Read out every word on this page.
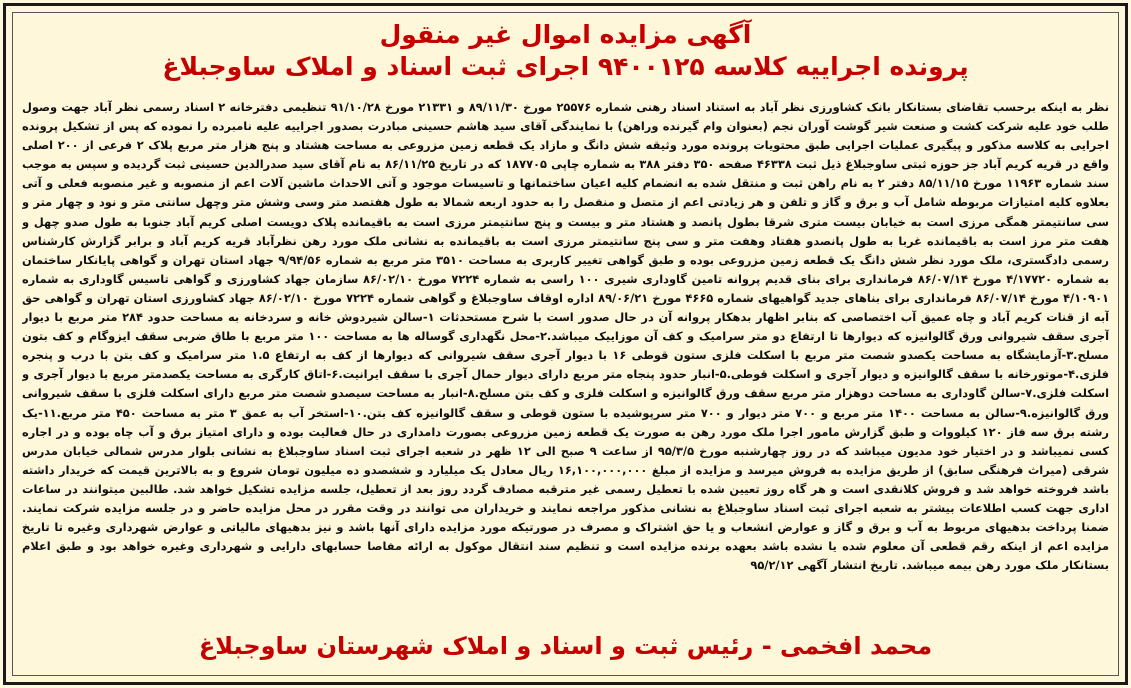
آگهی مزایده اموال غیر منقول
پرونده اجراییه کلاسه ۹۴۰۰۱۲۵ اجرای ثبت اسناد و املاک ساوجبلاغ

نظر به اینکه برحسب تقاضای بستانکار بانک کشاورزی نظر آباد به استناد اسناد رهنی شماره ۲۵۵۷۶ مورخ ۸۹/۱۱/۳۰ و ۲۱۳۳۱ مورخ ۹۱/۱۰/۲۸ تنظیمی دفترخانه ۲ اسناد رسمی نظر آباد جهت وصول طلب خود علیه شرکت کشت و صنعت شیر گوشت آوران نجم (بعنوان وام گیرنده وراهن) با نمایندگی آقای سید هاشم حسینی مبادرت بصدور اجراییه علیه نامبرده را نموده که پس از تشکیل پرونده اجرایی به کلاسه مذکور و پیگیری عملیات اجرایی طبق محتویات پرونده مورد وثیقه شش دانگ و مازاد یک قطعه زمین مزروعی به مساحت هشتاد و پنج هزار متر مربع پلاک ۲ فرعی از ۲۰۰ اصلی واقع در قریه کریم آباد جز حوزه ثبتی ساوجبلاغ ذیل ثبت ۴۶۳۳۸ صفحه ۳۵۰ دفتر ۳۸۸ به شماره چاپی ۱۸۷۷۰۵ که در تاریخ ۸۶/۱۱/۲۵ به نام آقای سید صدرالدین حسینی ثبت گردیده و سپس به موجب سند شماره ۱۱۹۶۳ مورخ ۸۵/۱۱/۱۵ دفتر ۲ به نام راهن ثبت و منتقل شده به انضمام کلیه اعیان ساختمانها و تاسیسات موجود و آتی الاحداث ماشین آلات اعم از منصوبه و غیر منصوبه فعلی و آتی بعلاوه کلیه امتیازات مربوطه شامل آب و برق و گاز و تلفن و هر زیادتی اعم از متصل و منفصل را به حدود اربعه شمالا به طول هفتصد متر وسی وشش متر وچهل سانتی متر و نود و چهار متر و سی سانتیمتر همگی مرزی است به خیابان بیست متری شرقا بطول پانصد و هشتاد متر و بیست و پنج سانتیمتر مرزی است به باقیمانده پلاک دویست اصلی کریم آباد جنوبا به طول صدو چهل و هفت متر مرز است به باقیمانده غربا به طول پانصدو هفتاد وهفت متر و سی پنج سانتیمتر مرزی است به باقیمانده به نشانی ملک مورد رهن نظرآباد قریه کریم آباد و برابر گزارش کارشناس رسمی دادگستری، ملک مورد نظر شش دانگ یک قطعه زمین مزروعی بوده و طبق گواهی تغییر کاربری به مساحت ۳۵۱۰ متر مربع به شماره ۹/۹۴/۵۶ جهاد استان تهران و گواهی پایانکار ساختمان به شماره ۴/۱۷۷۲۰ مورخ ۸۶/۰۷/۱۴ فرمانداری برای بنای قدیم پروانه تامین گاوداری شیری ۱۰۰ راسی به شماره ۷۲۲۴ مورخ ۸۶/۰۲/۱۰ سازمان جهاد کشاورزی و گواهی تاسیس گاوداری به شماره ۴/۱۰۹۰۱ مورخ ۸۶/۰۷/۱۴ فرمانداری برای بناهای جدید گواهیهای شماره ۴۶۶۵ مورخ ۸۹/۰۶/۲۱ اداره اوقاف ساوجبلاغ و گواهی شماره ۷۲۲۴ مورخ ۸۶/۰۲/۱۰ جهاد کشاورزی استان تهران و گواهی حق آبه از قنات کریم آباد و چاه عمیق آب اختصاصی که بنابر اظهار بدهکار پروانه آن در حال صدور است با شرح مستحدثات ۱-سالن شیردوش خانه و سردخانه به مساحت حدود ۲۸۴ متر مربع با دیوار آجری سقف شیروانی ورق گالوانیزه که دیوارها تا ارتفاع دو متر سرامیک و کف آن موزاییک میباشد.۲-محل نگهداری گوساله ها به مساحت ۱۰۰ متر مربع با طاق ضربی سقف ایزوگام و کف بتون مسلح.۳-آزمایشگاه به مساحت یکصدو شصت متر مربع با اسکلت فلزی ستون قوطی ۱۶ با دیوار آجری سقف شیروانی که دیوارها از کف به ارتفاع ۱.۵ متر سرامیک و کف بتن با درب و پنجره فلزی.۴-موتورخانه با سقف گالوانیزه و دیوار آجری و اسکلت قوطی.۵-انبار حدود پنجاه متر مربع دارای دیوار حمال آجری با سقف ایرانیت.۶-اتاق کارگری به مساحت یکصدمتر مربع با دیوار آجری و اسکلت فلزی.۷-سالن گاوداری به مساحت دوهزار متر مربع سقف ورق گالوانیزه و اسکلت فلزی و کف بتن مسلح.۸-انبار به مساحت سیصدو شصت متر مربع دارای اسکلت فلزی با سقف شیروانی ورق گالوانیزه.۹-سالن به مساحت ۱۴۰۰ متر مربع و ۷۰۰ متر دیوار و ۷۰۰ متر سرپوشیده با ستون قوطی و سقف گالوانیزه کف بتن.۱۰-استخر آب به عمق ۳ متر به مساحت ۴۵۰ متر مربع.۱۱-یک رشته برق سه فاز ۱۲۰ کیلووات و طبق گزارش مامور اجرا ملک مورد رهن به صورت یک قطعه زمین مزروعی بصورت دامداری در حال فعالیت بوده و دارای امتیاز برق و آب چاه بوده و در اجاره کسی نمیباشد و در اختیار خود مدیون میباشد که در روز چهارشنبه مورخ ۹۵/۳/۵ از ساعت ۹ صبح الی ۱۲ ظهر در شعبه اجرای ثبت اسناد ساوجبلاغ به نشانی بلوار مدرس شمالی خیابان مدرس شرقی (میراث فرهنگی سابق) از طریق مزایده به فروش میرسد و مزایده از مبلغ ۱۶,۱۰۰,۰۰۰,۰۰۰ ریال معادل یک میلیارد و ششصدو ده میلیون تومان شروع و به بالاترین قیمت که خریدار داشته باشد فروخته خواهد شد و فروش کلانقدی است و هر گاه روز تعیین شده با تعطیل رسمی غیر مترقبه مصادف گردد روز بعد از تعطیل، جلسه مزایده تشکیل خواهد شد. طالبین میتوانند در ساعات اداری جهت کسب اطلاعات بیشتر به شعبه اجرای ثبت اسناد ساوجبلاغ به نشانی مذکور مراجعه نمایند و خریداران می توانند در وقت مقرر در محل مزایده حاضر و در جلسه مزایده شرکت نمایند. ضمنا پرداخت بدهیهای مربوط به آب و برق و گاز و عوارض انشعاب و یا حق اشتراک و مصرف در صورتیکه مورد مزایده دارای آنها باشد و نیز بدهیهای مالیاتی و عوارض شهرداری وغیره تا تاریخ مزایده اعم از اینکه رقم قطعی آن معلوم شده یا نشده باشد بعهده برنده مزایده است و تنظیم سند انتقال موکول به ارائه مفاصا حسابهای دارایی و شهرداری وغیره خواهد بود و طبق اعلام بستانکار ملک مورد رهن بیمه میباشد. تاریخ انتشار آگهی ۹۵/۲/۱۲

محمد افخمی - رئیس ثبت و اسناد و املاک شهرستان ساوجبلاغ
